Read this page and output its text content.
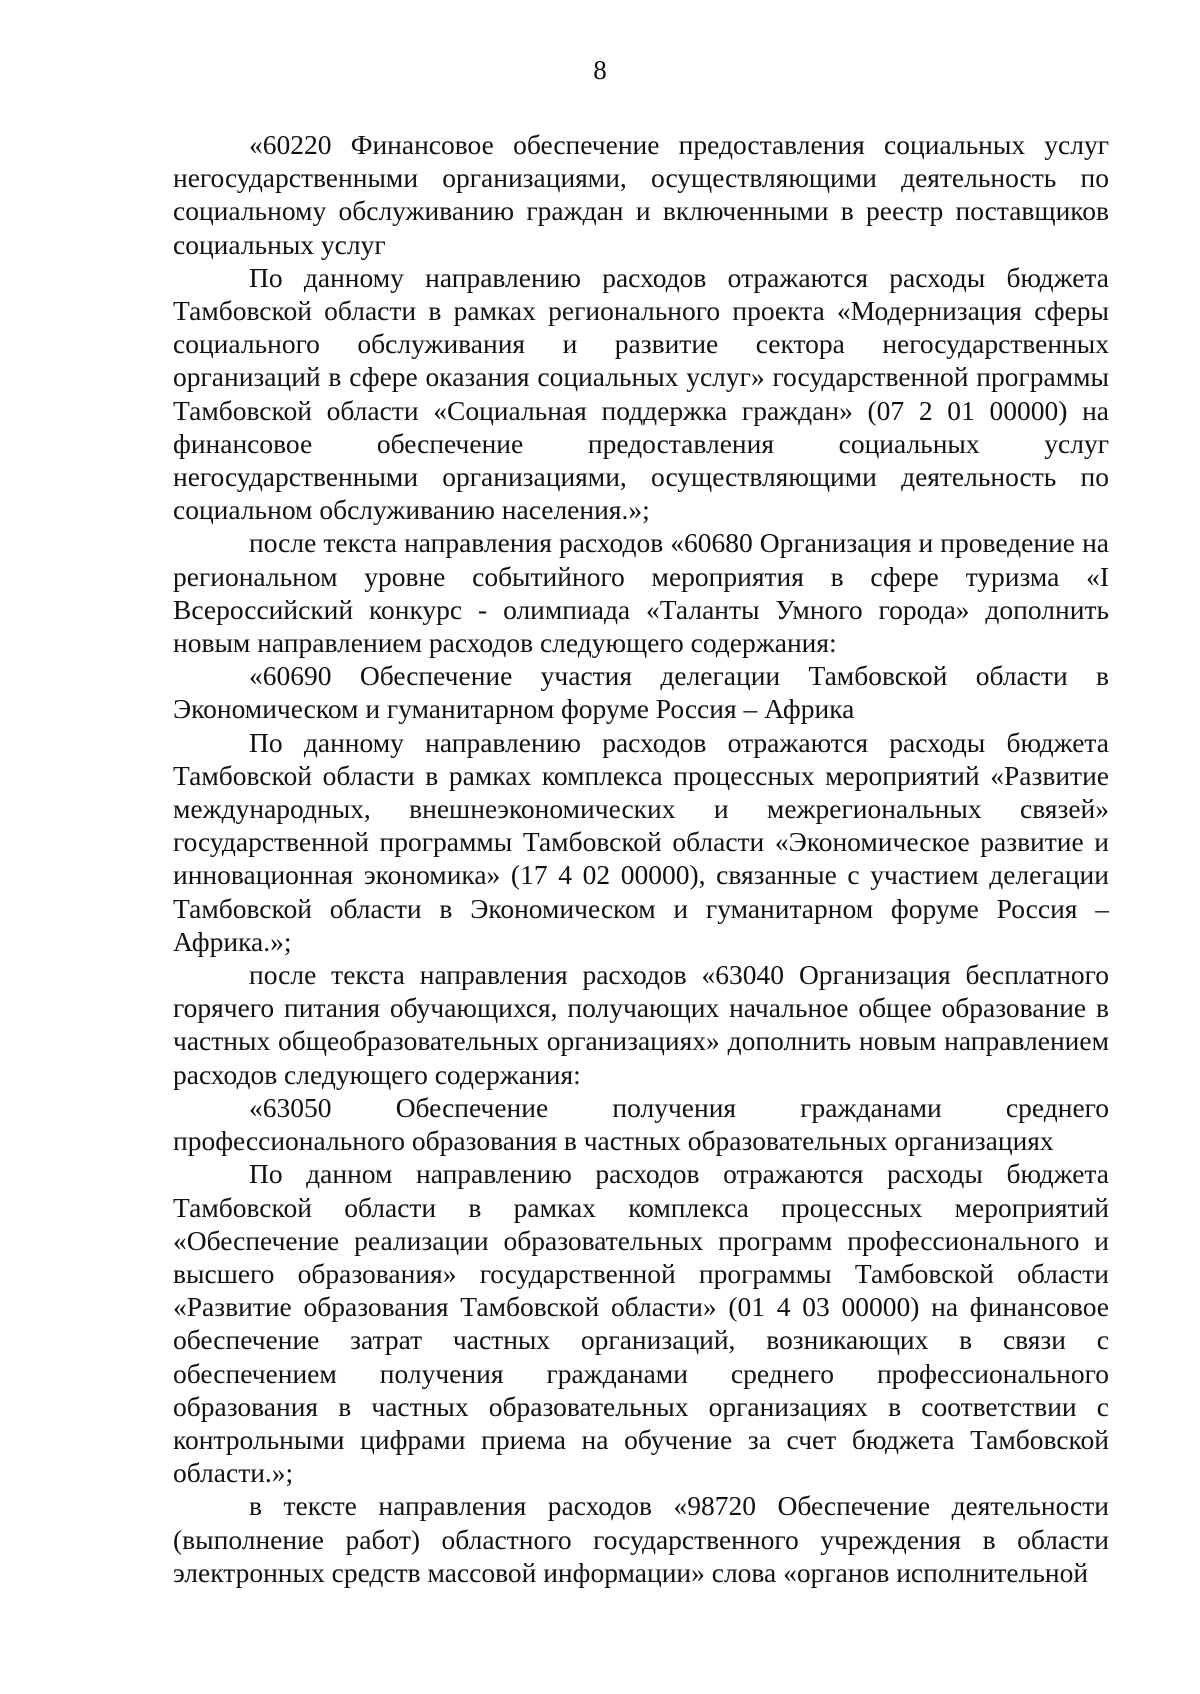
8

«60220 Финансовое обеспечение предоставления социальных услуг негосударственными организациями, осуществляющими деятельность по социальному обслуживанию граждан и включенными в реестр поставщиков социальных услуг

По данному направлению расходов отражаются расходы бюджета Тамбовской области в рамках регионального проекта «Модернизация сферы социального обслуживания и развитие сектора негосударственных организаций в сфере оказания социальных услуг» государственной программы Тамбовской области «Социальная поддержка граждан» (07 2 01 00000) на финансовое обеспечение предоставления социальных услуг негосударственными организациями, осуществляющими деятельность по социальном обслуживанию населения.»;

после текста направления расходов «60680 Организация и проведение на региональном уровне событийного мероприятия в сфере туризма «I Всероссийский конкурс - олимпиада «Таланты Умного города» дополнить новым направлением расходов следующего содержания:

«60690 Обеспечение участия делегации Тамбовской области в Экономическом и гуманитарном форуме Россия – Африка

По данному направлению расходов отражаются расходы бюджета Тамбовской области в рамках комплекса процессных мероприятий «Развитие международных, внешнеэкономических и межрегиональных связей» государственной программы Тамбовской области «Экономическое развитие и инновационная экономика» (17 4 02 00000), связанные с участием делегации Тамбовской области в Экономическом и гуманитарном форуме Россия – Африка.»;

после текста направления расходов «63040 Организация бесплатного горячего питания обучающихся, получающих начальное общее образование в частных общеобразовательных организациях» дополнить новым направлением расходов следующего содержания:

«63050 Обеспечение получения гражданами среднего профессионального образования в частных образовательных организациях

По данном направлению расходов отражаются расходы бюджета Тамбовской области в рамках комплекса процессных мероприятий «Обеспечение реализации образовательных программ профессионального и высшего образования» государственной программы Тамбовской области «Развитие образования Тамбовской области» (01 4 03 00000) на финансовое обеспечение затрат частных организаций, возникающих в связи с обеспечением получения гражданами среднего профессионального образования в частных образовательных организациях в соответствии с контрольными цифрами приема на обучение за счет бюджета Тамбовской области.»;

в тексте направления расходов «98720 Обеспечение деятельности (выполнение работ) областного государственного учреждения в области электронных средств массовой информации» слова «органов исполнительной
